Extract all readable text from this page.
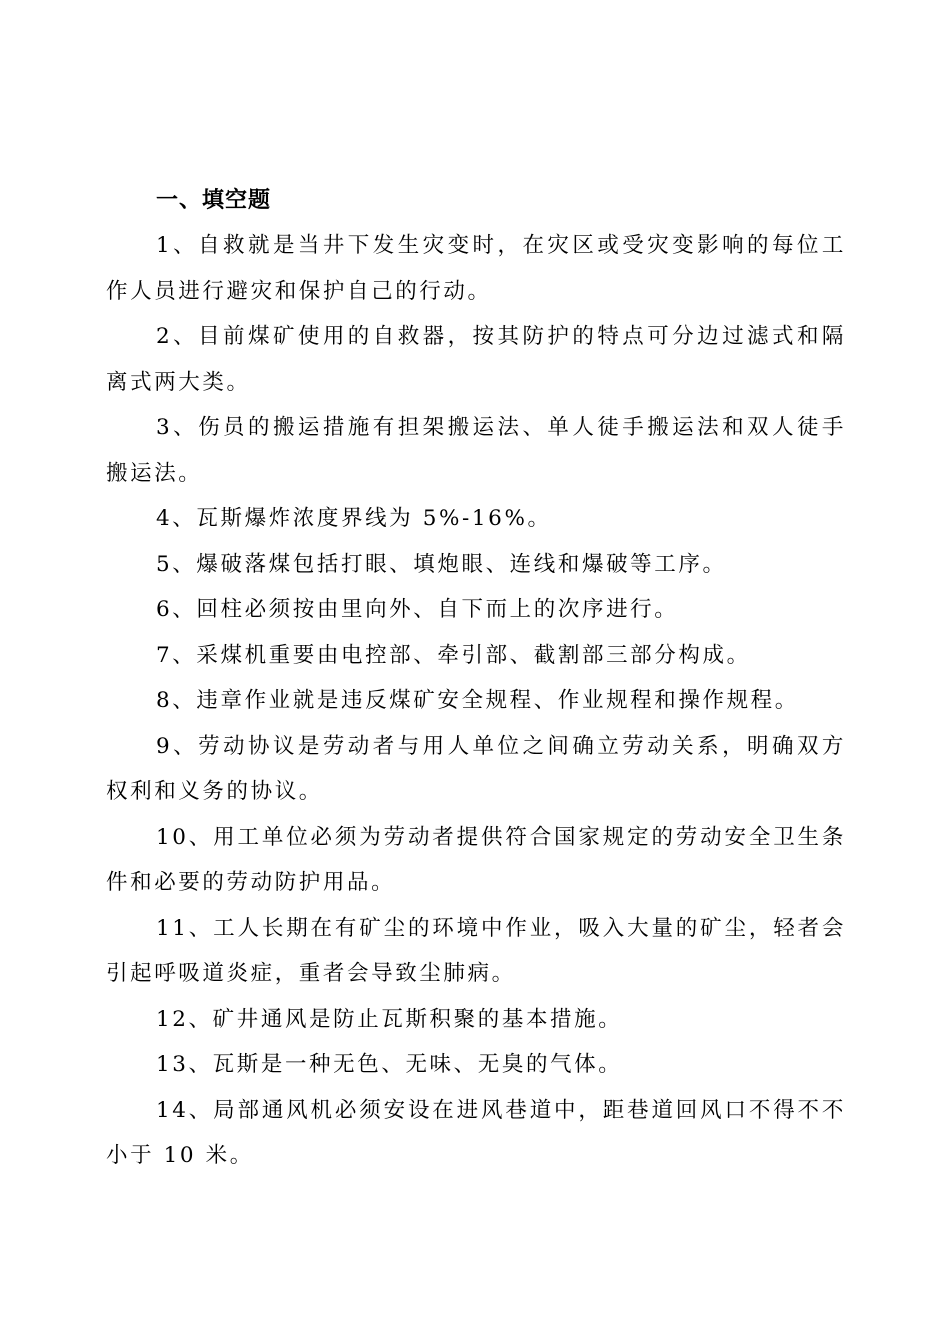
一、填空题

1、自救就是当井下发生灾变时，在灾区或受灾变影响的每位工作人员进行避灾和保护自己的行动。

2、目前煤矿使用的自救器，按其防护的特点可分边过滤式和隔离式两大类。

3、伤员的搬运措施有担架搬运法、单人徒手搬运法和双人徒手搬运法。

4、瓦斯爆炸浓度界线为 5%-16%。

5、爆破落煤包括打眼、填炮眼、连线和爆破等工序。

6、回柱必须按由里向外、自下而上的次序进行。

7、采煤机重要由电控部、牵引部、截割部三部分构成。

8、违章作业就是违反煤矿安全规程、作业规程和操作规程。

9、劳动协议是劳动者与用人单位之间确立劳动关系，明确双方权利和义务的协议。

10、用工单位必须为劳动者提供符合国家规定的劳动安全卫生条件和必要的劳动防护用品。

11、工人长期在有矿尘的环境中作业，吸入大量的矿尘，轻者会引起呼吸道炎症，重者会导致尘肺病。

12、矿井通风是防止瓦斯积聚的基本措施。

13、瓦斯是一种无色、无味、无臭的气体。

14、局部通风机必须安设在进风巷道中，距巷道回风口不得不不小于 10 米。
